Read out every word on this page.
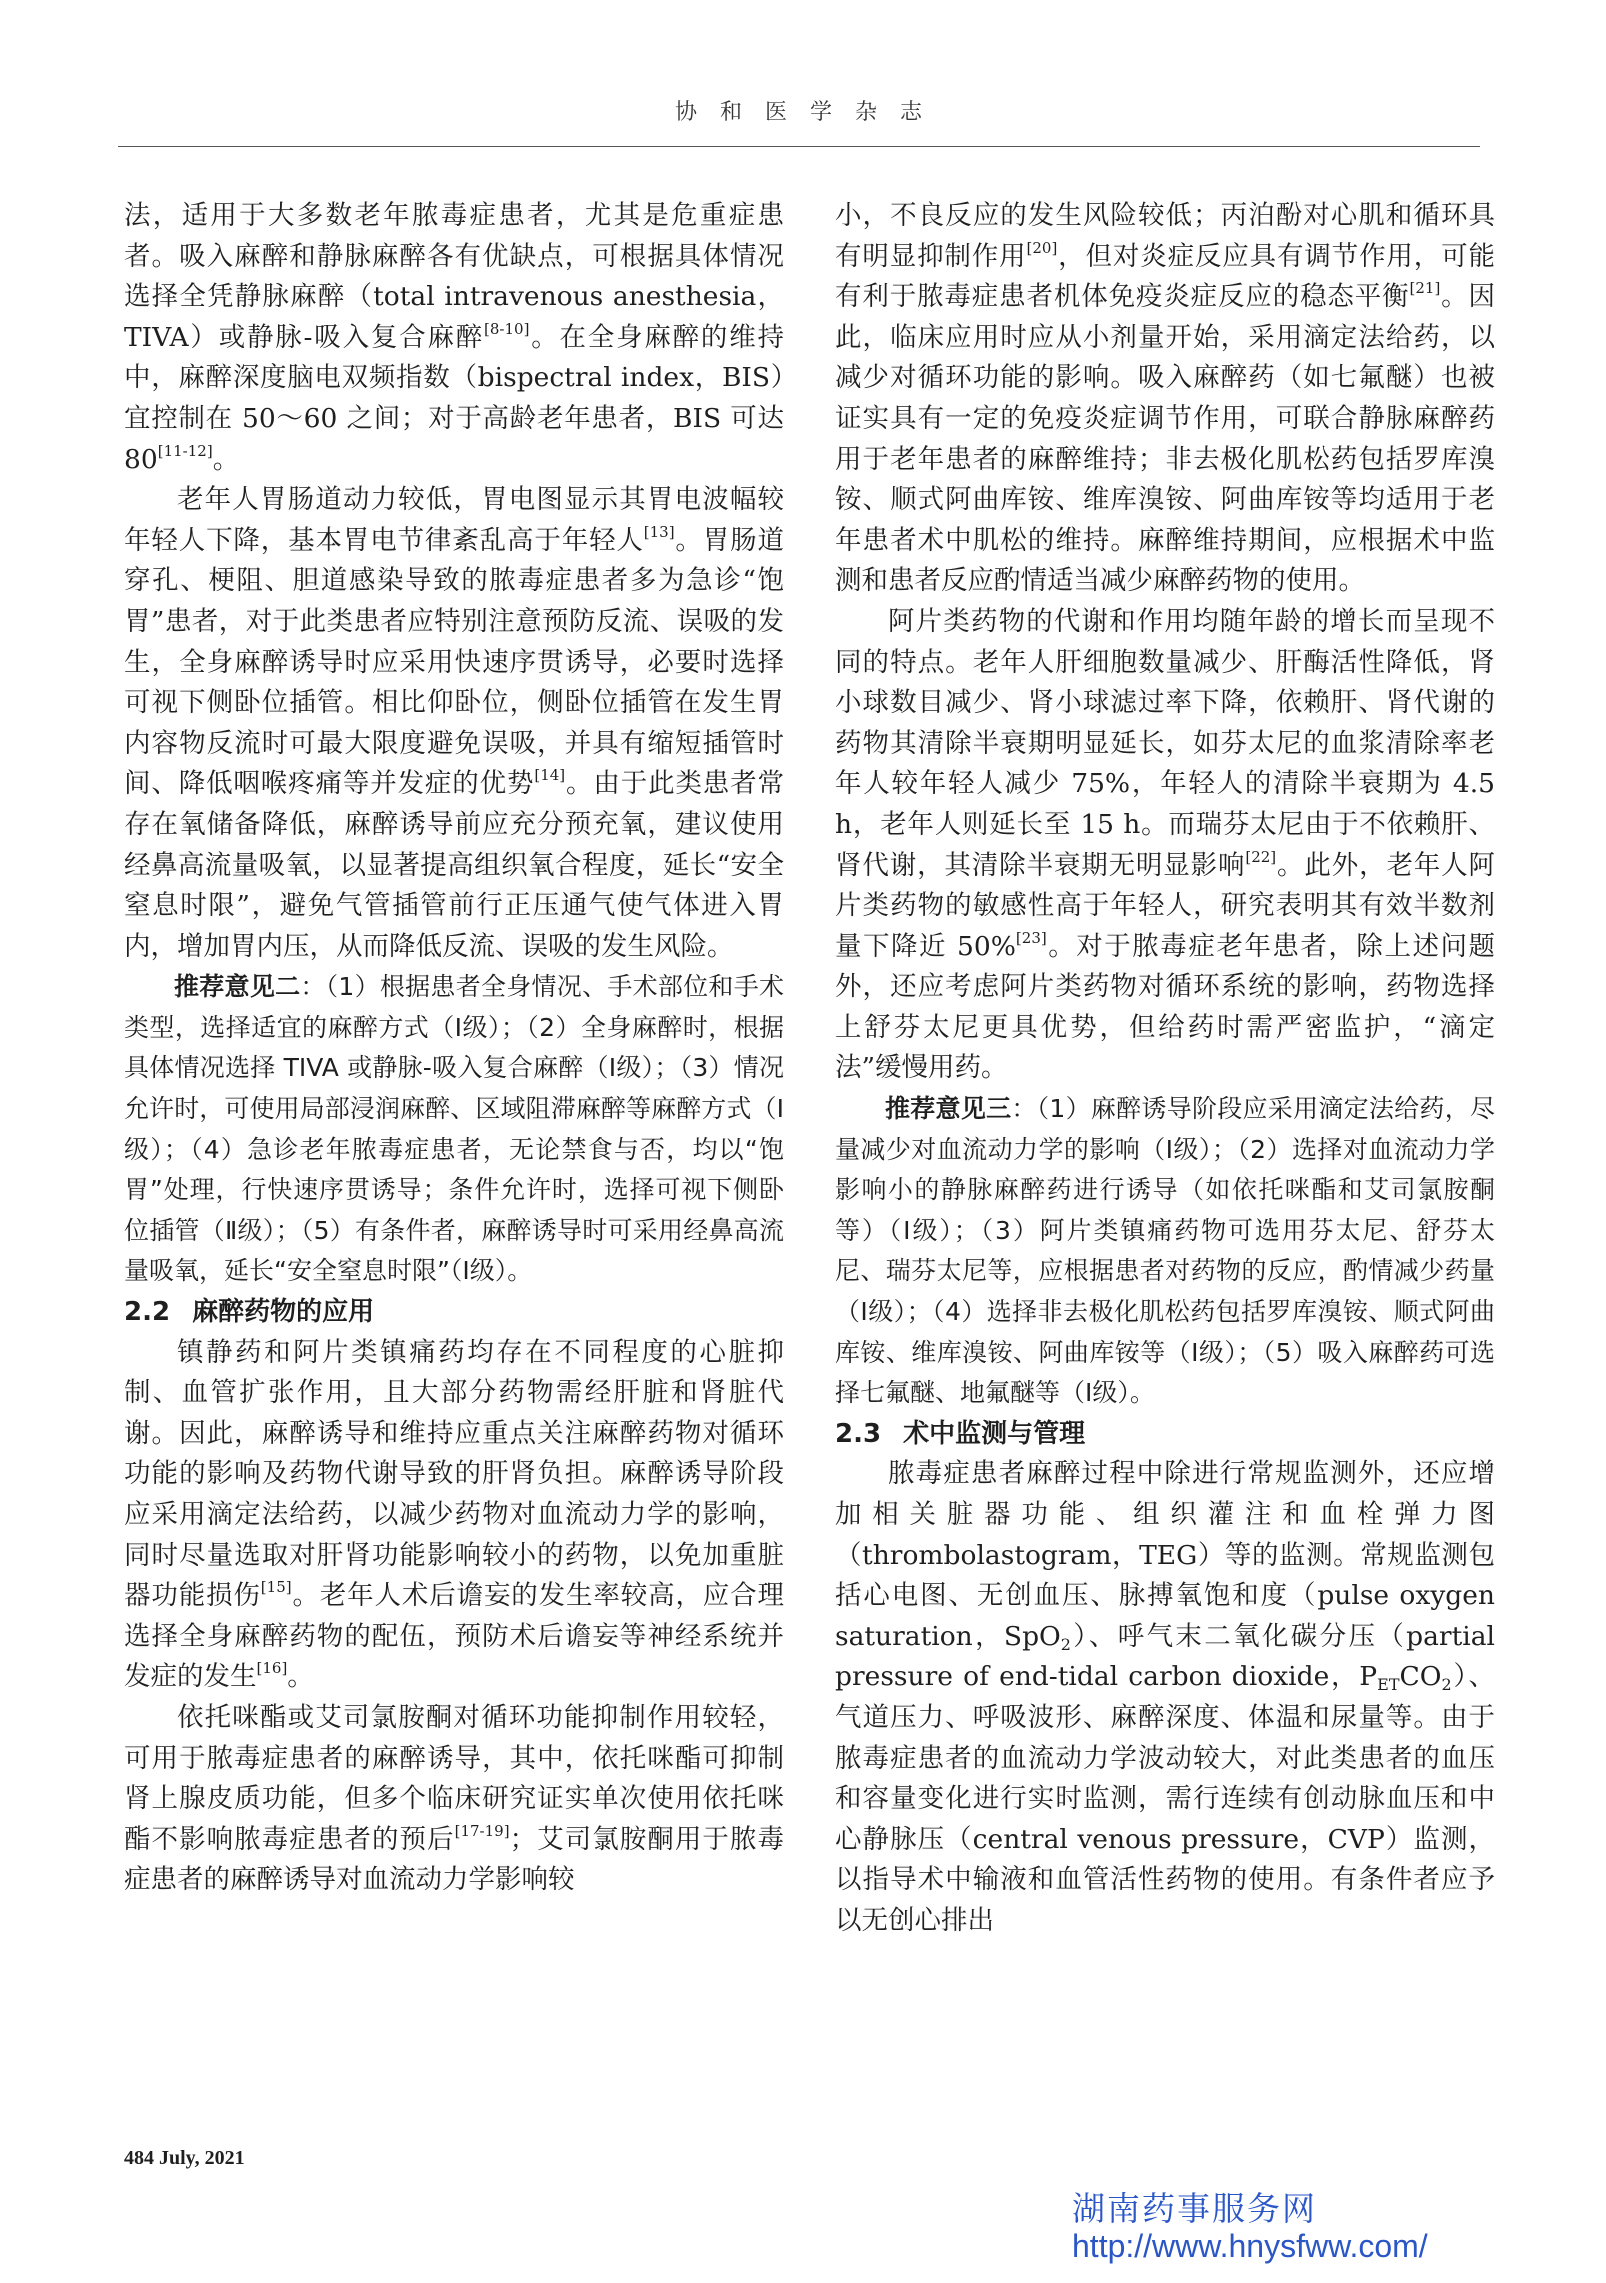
协 和 医 学 杂 志

法，适用于大多数老年脓毒症患者，尤其是危重症患者。吸入麻醉和静脉麻醉各有优缺点，可根据具体情况选择全凭静脉麻醉（total intravenous anesthesia，TIVA）或静脉-吸入复合麻醉[8-10]。在全身麻醉的维持中，麻醉深度脑电双频指数（bispectral index，BIS）宜控制在 50～60 之间；对于高龄老年患者，BIS 可达 80[11-12]。

老年人胃肠道动力较低，胃电图显示其胃电波幅较年轻人下降，基本胃电节律紊乱高于年轻人[13]。胃肠道穿孔、梗阻、胆道感染导致的脓毒症患者多为急诊“饱胃”患者，对于此类患者应特别注意预防反流、误吸的发生，全身麻醉诱导时应采用快速序贯诱导，必要时选择可视下侧卧位插管。相比仰卧位，侧卧位插管在发生胃内容物反流时可最大限度避免误吸，并具有缩短插管时间、降低咽喉疼痛等并发症的优势[14]。由于此类患者常存在氧储备降低，麻醉诱导前应充分预充氧，建议使用经鼻高流量吸氧，以显著提高组织氧合程度，延长“安全窒息时限”，避免气管插管前行正压通气使气体进入胃内，增加胃内压，从而降低反流、误吸的发生风险。

推荐意见二：（1）根据患者全身情况、手术部位和手术类型，选择适宜的麻醉方式（Ⅰ级）；（2）全身麻醉时，根据具体情况选择 TIVA 或静脉-吸入复合麻醉（Ⅰ级）；（3）情况允许时，可使用局部浸润麻醉、区域阻滞麻醉等麻醉方式（Ⅰ级）；（4）急诊老年脓毒症患者，无论禁食与否，均以“饱胃”处理，行快速序贯诱导；条件允许时，选择可视下侧卧位插管（Ⅱ级）；（5）有条件者，麻醉诱导时可采用经鼻高流量吸氧，延长“安全窒息时限”（Ⅰ级）。

2.2 麻醉药物的应用

镇静药和阿片类镇痛药均存在不同程度的心脏抑制、血管扩张作用，且大部分药物需经肝脏和肾脏代谢。因此，麻醉诱导和维持应重点关注麻醉药物对循环功能的影响及药物代谢导致的肝肾负担。麻醉诱导阶段应采用滴定法给药，以减少药物对血流动力学的影响，同时尽量选取对肝肾功能影响较小的药物，以免加重脏器功能损伤[15]。老年人术后谵妄的发生率较高，应合理选择全身麻醉药物的配伍，预防术后谵妄等神经系统并发症的发生[16]。

依托咪酯或艾司氯胺酮对循环功能抑制作用较轻，可用于脓毒症患者的麻醉诱导，其中，依托咪酯可抑制肾上腺皮质功能，但多个临床研究证实单次使用依托咪酯不影响脓毒症患者的预后[17-19]；艾司氯胺酮用于脓毒症患者的麻醉诱导对血流动力学影响较

小，不良反应的发生风险较低；丙泊酚对心肌和循环具有明显抑制作用[20]，但对炎症反应具有调节作用，可能有利于脓毒症患者机体免疫炎症反应的稳态平衡[21]。因此，临床应用时应从小剂量开始，采用滴定法给药，以减少对循环功能的影响。吸入麻醉药（如七氟醚）也被证实具有一定的免疫炎症调节作用，可联合静脉麻醉药用于老年患者的麻醉维持；非去极化肌松药包括罗库溴铵、顺式阿曲库铵、维库溴铵、阿曲库铵等均适用于老年患者术中肌松的维持。麻醉维持期间，应根据术中监测和患者反应酌情适当减少麻醉药物的使用。

阿片类药物的代谢和作用均随年龄的增长而呈现不同的特点。老年人肝细胞数量减少、肝酶活性降低，肾小球数目减少、肾小球滤过率下降，依赖肝、肾代谢的药物其清除半衰期明显延长，如芬太尼的血浆清除率老年人较年轻人减少 75%，年轻人的清除半衰期为 4.5 h，老年人则延长至 15 h。而瑞芬太尼由于不依赖肝、肾代谢，其清除半衰期无明显影响[22]。此外，老年人阿片类药物的敏感性高于年轻人，研究表明其有效半数剂量下降近 50%[23]。对于脓毒症老年患者，除上述问题外，还应考虑阿片类药物对循环系统的影响，药物选择上舒芬太尼更具优势，但给药时需严密监护，“滴定法”缓慢用药。

推荐意见三：（1）麻醉诱导阶段应采用滴定法给药，尽量减少对血流动力学的影响（Ⅰ级）；（2）选择对血流动力学影响小的静脉麻醉药进行诱导（如依托咪酯和艾司氯胺酮等）（Ⅰ级）；（3）阿片类镇痛药物可选用芬太尼、舒芬太尼、瑞芬太尼等，应根据患者对药物的反应，酌情减少药量（Ⅰ级）；（4）选择非去极化肌松药包括罗库溴铵、顺式阿曲库铵、维库溴铵、阿曲库铵等（Ⅰ级）；（5）吸入麻醉药可选择七氟醚、地氟醚等（Ⅰ级）。

2.3 术中监测与管理

脓毒症患者麻醉过程中除进行常规监测外，还应增加相关脏器功能、组织灌注和血栓弹力图（thrombolastogram，TEG）等的监测。常规监测包括心电图、无创血压、脉搏氧饱和度（pulse oxygen saturation，SpO$_2$）、呼气末二氧化碳分压（partial pressure of end-tidal carbon dioxide，$P_{ET}CO_2$）、气道压力、呼吸波形、麻醉深度、体温和尿量等。由于脓毒症患者的血流动力学波动较大，对此类患者的血压和容量变化进行实时监测，需行连续有创动脉血压和中心静脉压（central venous pressure，CVP）监测，以指导术中输液和血管活性药物的使用。有条件者应予以无创心排出

484 July, 2021
湖南药事服务网
http://www.hnysfww.com/
